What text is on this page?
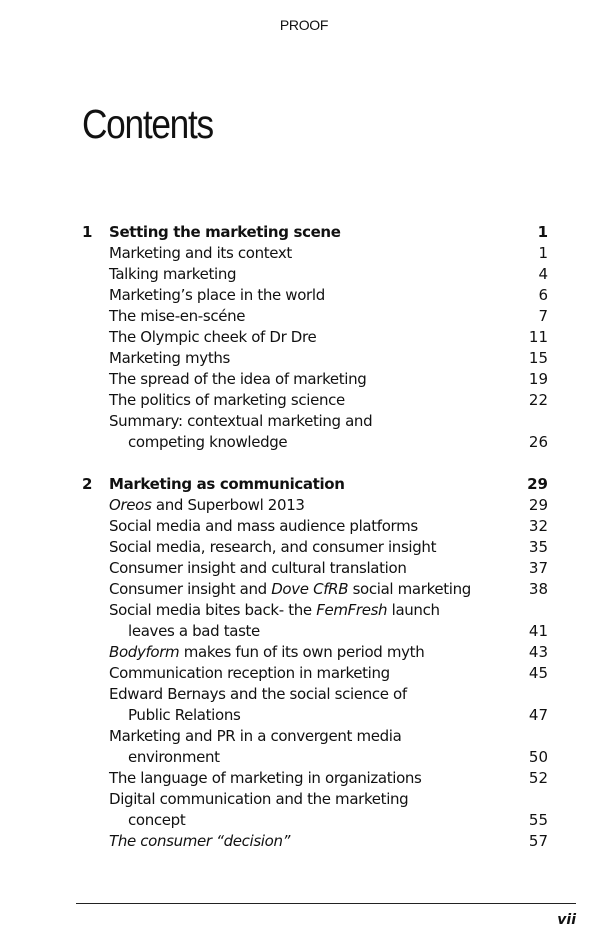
PROOF
Contents
1	Setting the marketing scene	1
Marketing and its context	1
Talking marketing	4
Marketing’s place in the world	6
The mise-en-scéne	7
The Olympic cheek of Dr Dre	11
Marketing myths	15
The spread of the idea of marketing	19
The politics of marketing science	22
Summary: contextual marketing and
competing knowledge	26
2	Marketing as communication	29
Oreos and Superbowl 2013	29
Social media and mass audience platforms	32
Social media, research, and consumer insight	35
Consumer insight and cultural translation	37
Consumer insight and Dove CfRB social marketing	38
Social media bites back- the FemFresh launch
leaves a bad taste	41
Bodyform makes fun of its own period myth	43
Communication reception in marketing	45
Edward Bernays and the social science of
Public Relations	47
Marketing and PR in a convergent media
environment	50
The language of marketing in organizations	52
Digital communication and the marketing
concept	55
The consumer “decision”	57
vii
